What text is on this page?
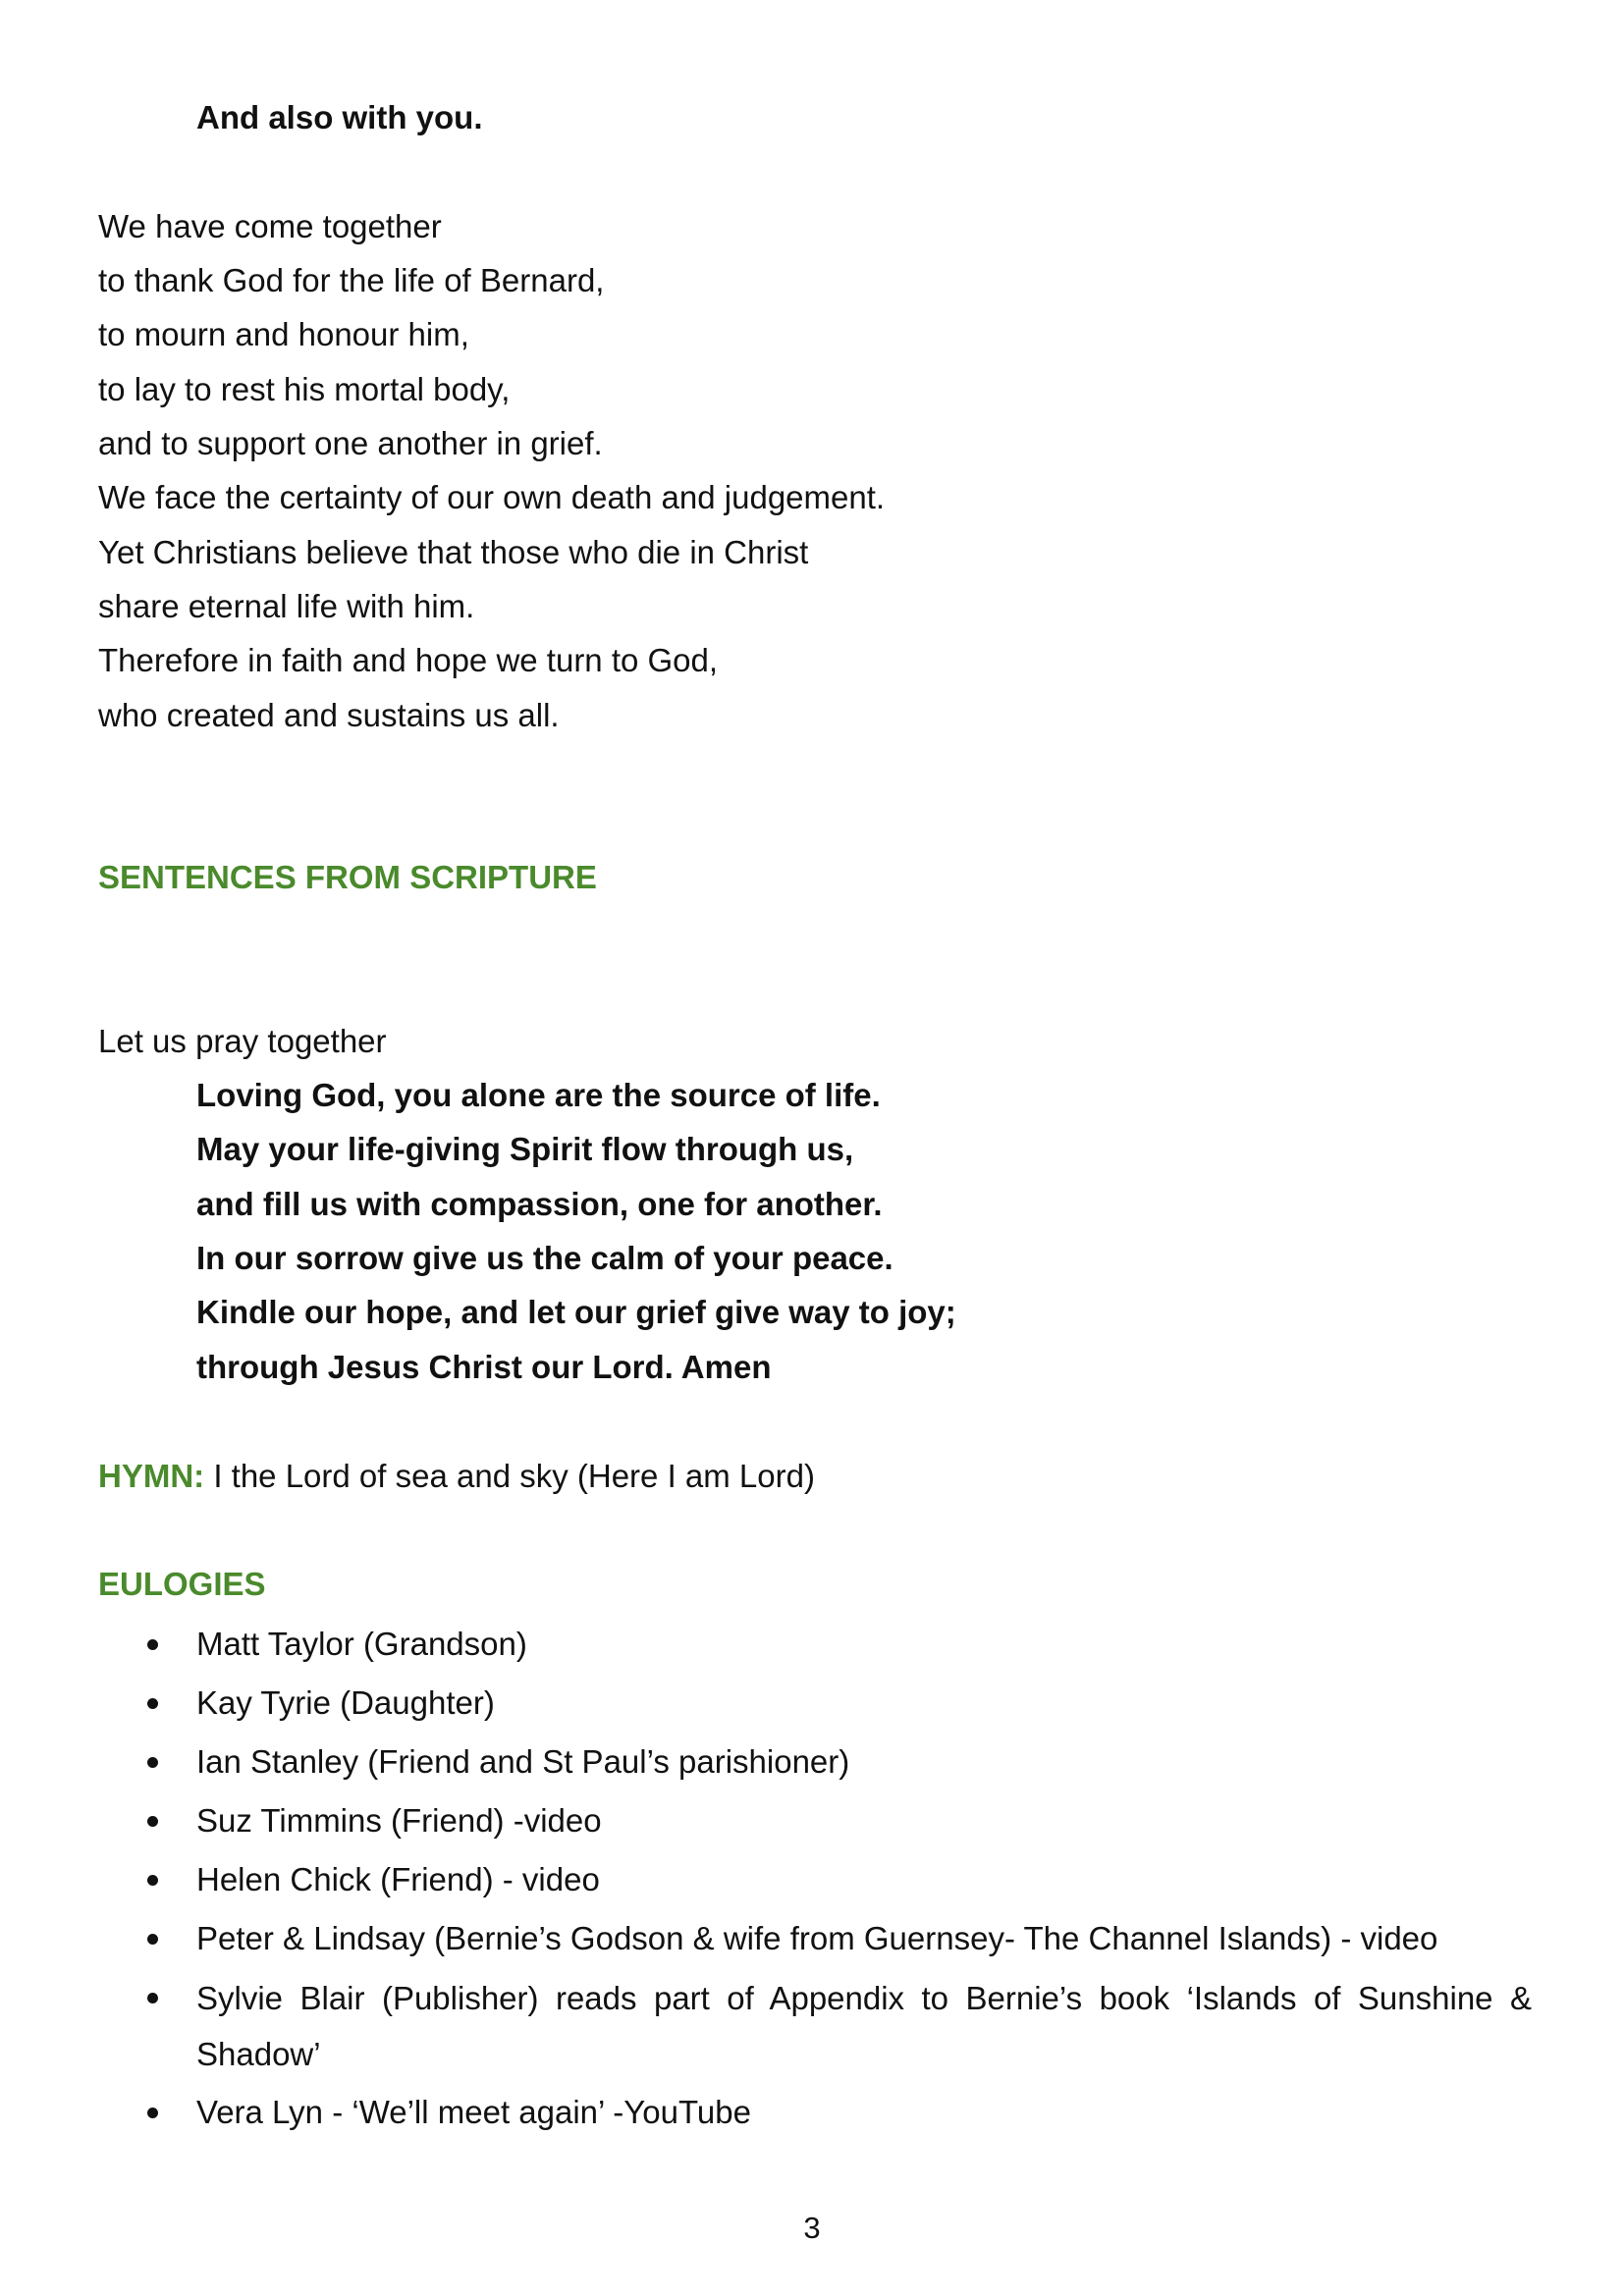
And also with you.
We have come together
to thank God for the life of Bernard,
to mourn and honour him,
to lay to rest his mortal body,
and to support one another in grief.
We face the certainty of our own death and judgement.
Yet Christians believe that those who die in Christ
share eternal life with him.
Therefore in faith and hope we turn to God,
who created and sustains us all.
SENTENCES FROM SCRIPTURE
Let us pray together
Loving God, you alone are the source of life.
May your life-giving Spirit flow through us,
and fill us with compassion, one for another.
In our sorrow give us the calm of your peace.
Kindle our hope, and let our grief give way to joy;
through Jesus Christ our Lord. Amen
HYMN: I the Lord of sea and sky (Here I am Lord)
EULOGIES
Matt Taylor (Grandson)
Kay Tyrie (Daughter)
Ian Stanley (Friend and St Paul’s parishioner)
Suz Timmins (Friend) -video
Helen Chick (Friend) - video
Peter & Lindsay (Bernie’s Godson & wife from Guernsey- The Channel Islands) - video
Sylvie Blair (Publisher) reads part of Appendix to Bernie’s book ‘Islands of Sunshine & Shadow’
Vera Lyn - ‘We’ll meet again’ -YouTube
3
